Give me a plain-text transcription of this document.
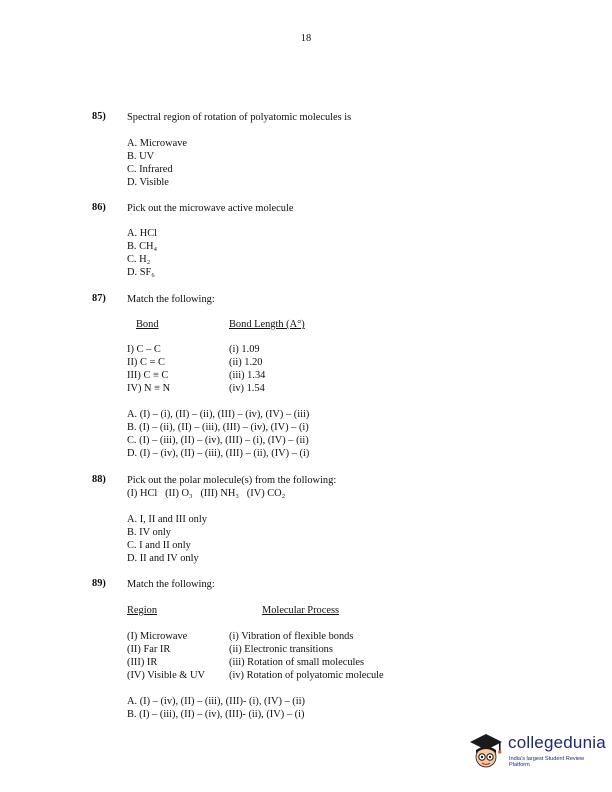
18
85) Spectral region of rotation of polyatomic molecules is
A. Microwave
B. UV
C. Infrared
D. Visible
86) Pick out the microwave active molecule
A. HCl
B. CH₄
C. H₂
D. SF₆
87) Match the following:
Bond	Bond Length (A°)
I) C – C
II) C = C
III) C ≡ C
IV) N ≡ N
(i) 1.09
(ii) 1.20
(iii) 1.34
(iv) 1.54
A. (I) – (i), (II) – (ii), (III) – (iv), (IV) – (iii)
B. (I) – (ii), (II) – (iii), (III) – (iv), (IV) – (i)
C. (I) – (iii), (II) – (iv), (III) – (i), (IV) – (ii)
D. (I) – (iv), (II) – (iii), (III) – (ii), (IV) – (i)
88) Pick out the polar molecule(s) from the following:
(I) HCl   (II) O₃   (III) NH₃   (IV) CO₂
A. I, II and III only
B. IV only
C. I and II only
D. II and IV only
89) Match the following:
Region	Molecular Process
(I) Microwave
(II) Far IR
(III) IR
(IV) Visible & UV
(i) Vibration of flexible bonds
(ii) Electronic transitions
(iii) Rotation of small molecules
(iv) Rotation of polyatomic molecule
A. (I) – (iv), (II) – (iii), (III)- (i), (IV) – (ii)
B. (I) – (iii), (II) – (iv), (III)- (ii), (IV) – (i)
collegedunia
India's largest Student Review Platform
